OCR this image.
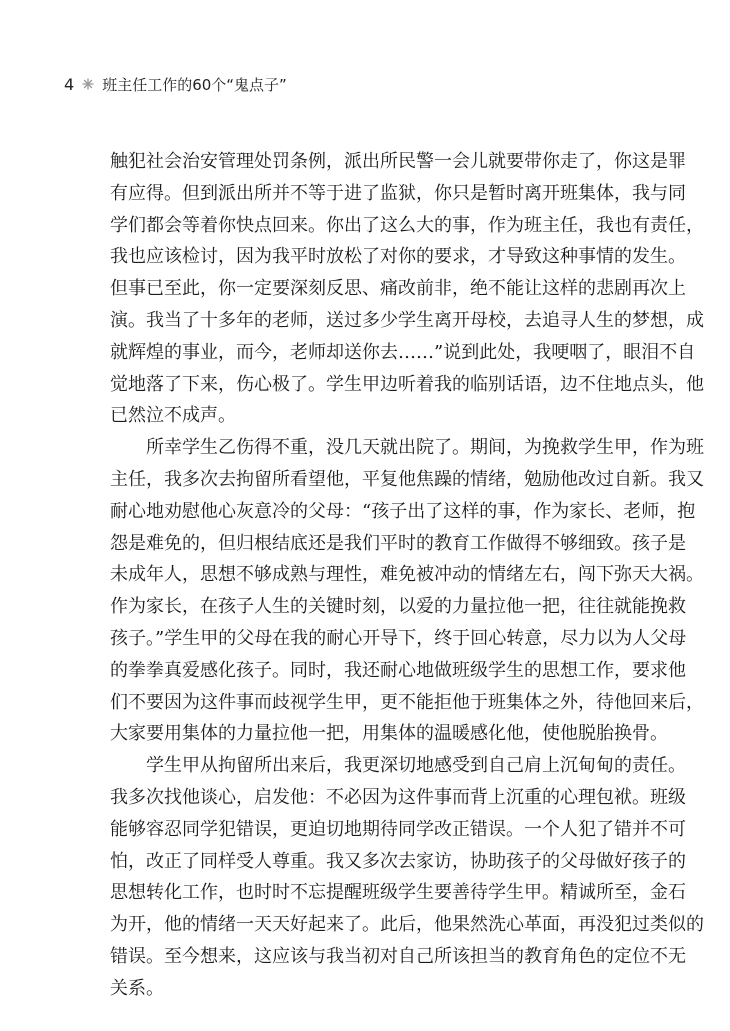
4 班主任工作的60个“鬼点子”
触犯社会治安管理处罚条例，派出所民警一会儿就要带你走了，你这是罪
有应得。但到派出所并不等于进了监狱，你只是暂时离开班集体，我与同
学们都会等着你快点回来。你出了这么大的事，作为班主任，我也有责任，
我也应该检讨，因为我平时放松了对你的要求，才导致这种事情的发生。
但事已至此，你一定要深刻反思、痛改前非，绝不能让这样的悲剧再次上
演。我当了十多年的老师，送过多少学生离开母校，去追寻人生的梦想，成
就辉煌的事业，而今，老师却送你去……”说到此处，我哽咽了，眼泪不自
觉地落了下来，伤心极了。学生甲边听着我的临别话语，边不住地点头，他
已然泣不成声。
所幸学生乙伤得不重，没几天就出院了。期间，为挽救学生甲，作为班
主任，我多次去拘留所看望他，平复他焦躁的情绪，勉励他改过自新。我又
耐心地劝慰他心灰意冷的父母：“孩子出了这样的事，作为家长、老师，抱
怨是难免的，但归根结底还是我们平时的教育工作做得不够细致。孩子是
未成年人，思想不够成熟与理性，难免被冲动的情绪左右，闯下弥天大祸。
作为家长，在孩子人生的关键时刻，以爱的力量拉他一把，往往就能挽救
孩子。”学生甲的父母在我的耐心开导下，终于回心转意，尽力以为人父母
的拳拳真爱感化孩子。同时，我还耐心地做班级学生的思想工作，要求他
们不要因为这件事而歧视学生甲，更不能拒他于班集体之外，待他回来后，
大家要用集体的力量拉他一把，用集体的温暖感化他，使他脱胎换骨。
学生甲从拘留所出来后，我更深切地感受到自己肩上沉甸甸的责任。
我多次找他谈心，启发他：不必因为这件事而背上沉重的心理包袱。班级
能够容忍同学犯错误，更迫切地期待同学改正错误。一个人犯了错并不可
怕，改正了同样受人尊重。我又多次去家访，协助孩子的父母做好孩子的
思想转化工作，也时时不忘提醒班级学生要善待学生甲。精诚所至，金石
为开，他的情绪一天天好起来了。此后，他果然洗心革面，再没犯过类似的
错误。至今想来，这应该与我当初对自己所该担当的教育角色的定位不无
关系。
